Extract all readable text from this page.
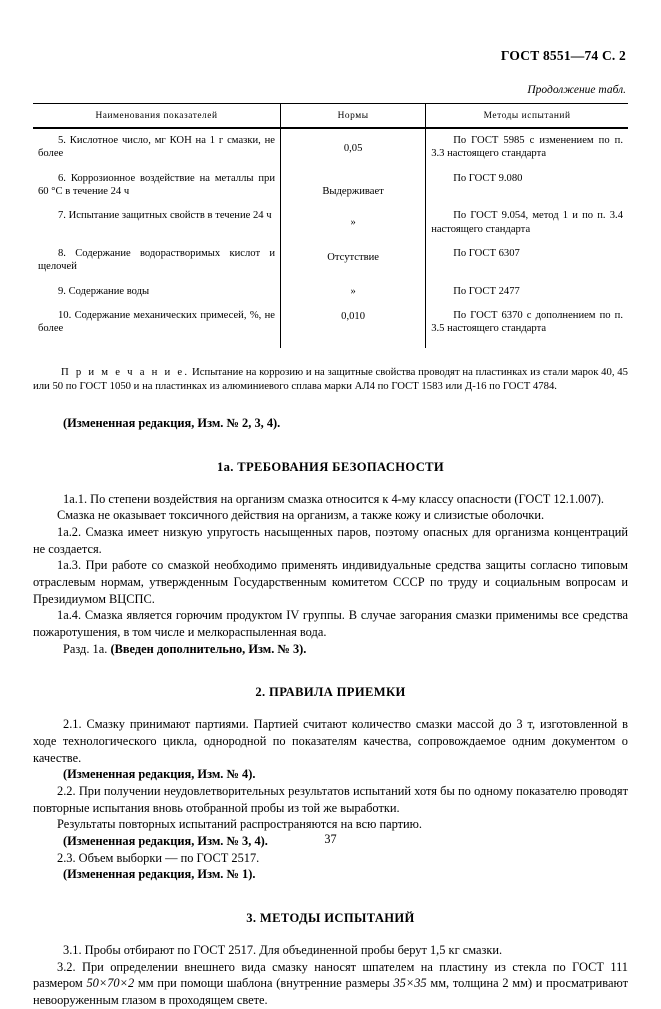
ГОСТ 8551—74 С. 2
Продолжение табл.
Наименования показателей	Нормы	Методы испытаний
5. Кислотное число, мг КОН на 1 г смазки, не более	0,05	По ГОСТ 5985 с изменением по п. 3.3 настоящего стандарта
6. Коррозионное воздействие на металлы при 60 °С в течение 24 ч	Выдерживает	По ГОСТ 9.080
7. Испытание защитных свойств в течение 24 ч	»	По ГОСТ 9.054, метод 1 и по п. 3.4 настоящего стандарта
8. Содержание водорастворимых кислот и щелочей	Отсутствие	По ГОСТ 6307
9. Содержание воды	»	По ГОСТ 2477
10. Содержание механических примесей, %, не более	0,010	По ГОСТ 6370 с дополнением по п. 3.5 настоящего стандарта
П р и м е ч а н и е. Испытание на коррозию и на защитные свойства проводят на пластинках из стали марок 40, 45 или 50 по ГОСТ 1050 и на пластинках из алюминиевого сплава марки АЛ4 по ГОСТ 1583 или Д-16 по ГОСТ 4784.
(Измененная редакция, Изм. № 2, 3, 4).
1а. ТРЕБОВАНИЯ БЕЗОПАСНОСТИ

1а.1. По степени воздействия на организм смазка относится к 4-му классу опасности (ГОСТ 12.1.007).

Смазка не оказывает токсичного действия на организм, а также кожу и слизистые оболочки.

1а.2. Смазка имеет низкую упругость насыщенных паров, поэтому опасных для организма концентраций не создается.

1а.3. При работе со смазкой необходимо применять индивидуальные средства защиты согласно типовым отраслевым нормам, утвержденным Государственным комитетом СССР по труду и социальным вопросам и Президиумом ВЦСПС.

1а.4. Смазка является горючим продуктом IV группы. В случае загорания смазки применимы все средства пожаротушения, в том числе и мелкораспыленная вода.

Разд. 1а. (Введен дополнительно, Изм. № 3).

2. ПРАВИЛА ПРИЕМКИ

2.1. Смазку принимают партиями. Партией считают количество смазки массой до 3 т, изготовленной в ходе технологического цикла, однородной по показателям качества, сопровождаемое одним документом о качестве.

(Измененная редакция, Изм. № 4).

2.2. При получении неудовлетворительных результатов испытаний хотя бы по одному показателю проводят повторные испытания вновь отобранной пробы из той же выработки.

Результаты повторных испытаний распространяются на всю партию.

(Измененная редакция, Изм. № 3, 4).

2.3. Объем выборки — по ГОСТ 2517.

(Измененная редакция, Изм. № 1).

3. МЕТОДЫ ИСПЫТАНИЙ

3.1. Пробы отбирают по ГОСТ 2517. Для объединенной пробы берут 1,5 кг смазки.

3.2. При определении внешнего вида смазку наносят шпателем на пластину из стекла по ГОСТ 111 размером 50×70×2 мм при помощи шаблона (внутренние размеры 35×35 мм, толщина 2 мм) и просматривают невооруженным глазом в проходящем свете.

37
